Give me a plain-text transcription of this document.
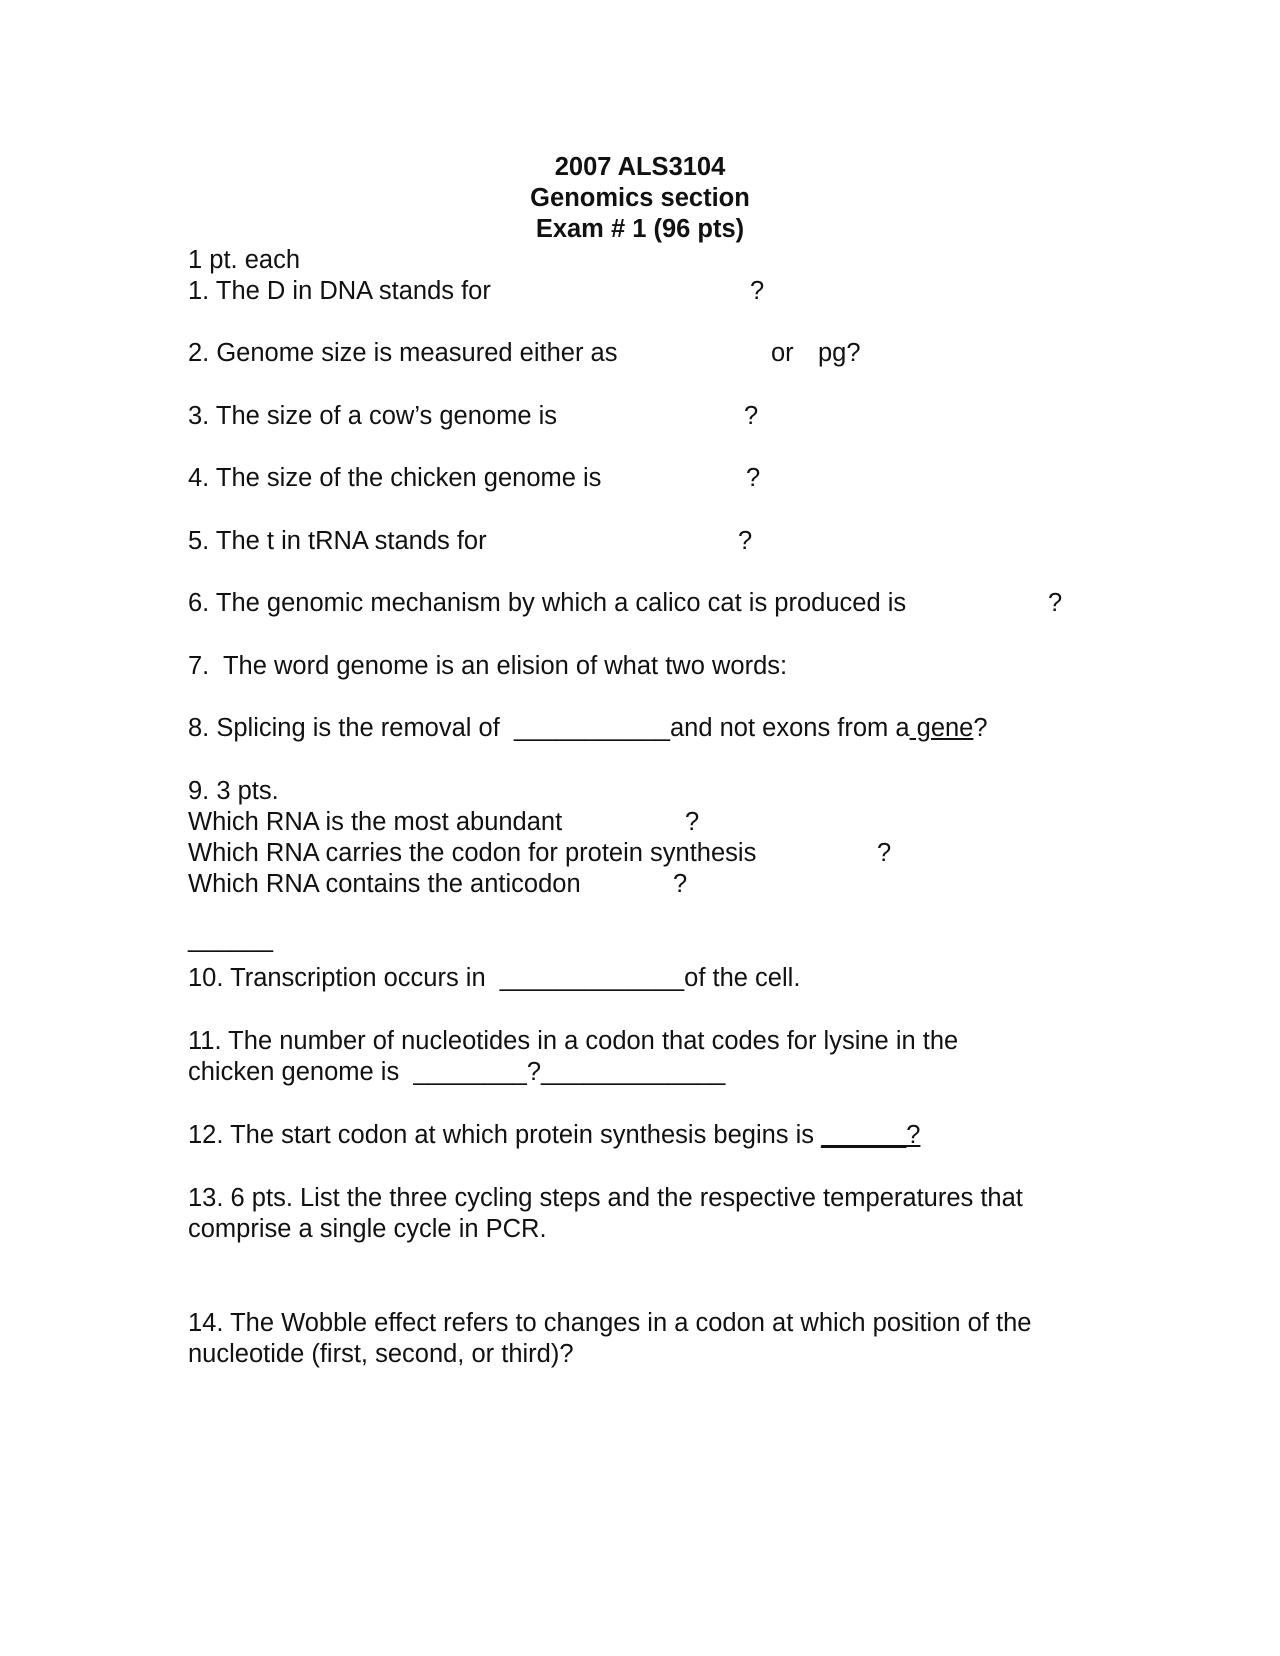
2007 ALS3104
Genomics section
Exam # 1 (96 pts)
1 pt. each
1. The D in DNA stands for	?
2. Genome size is measured either as	or pg?
3. The size of a cow’s genome is	?
4. The size of the chicken genome is	?
5. The t in tRNA stands for	?
6. The genomic mechanism by which a calico cat is produced is	?
7.  The word genome is an elision of what two words:
8. Splicing is the removal of  ___________and not exons from a gene?
9. 3 pts.
Which RNA is the most abundant	?
Which RNA carries the codon for protein synthesis	?
Which RNA contains the anticodon	?
______
10. Transcription occurs in  _____________of the cell.
11. The number of nucleotides in a codon that codes for lysine in the
chicken genome is  ________?_____________
12. The start codon at which protein synthesis begins is ______?
13. 6 pts. List the three cycling steps and the respective temperatures that
comprise a single cycle in PCR.
14. The Wobble effect refers to changes in a codon at which position of the
nucleotide (first, second, or third)?
